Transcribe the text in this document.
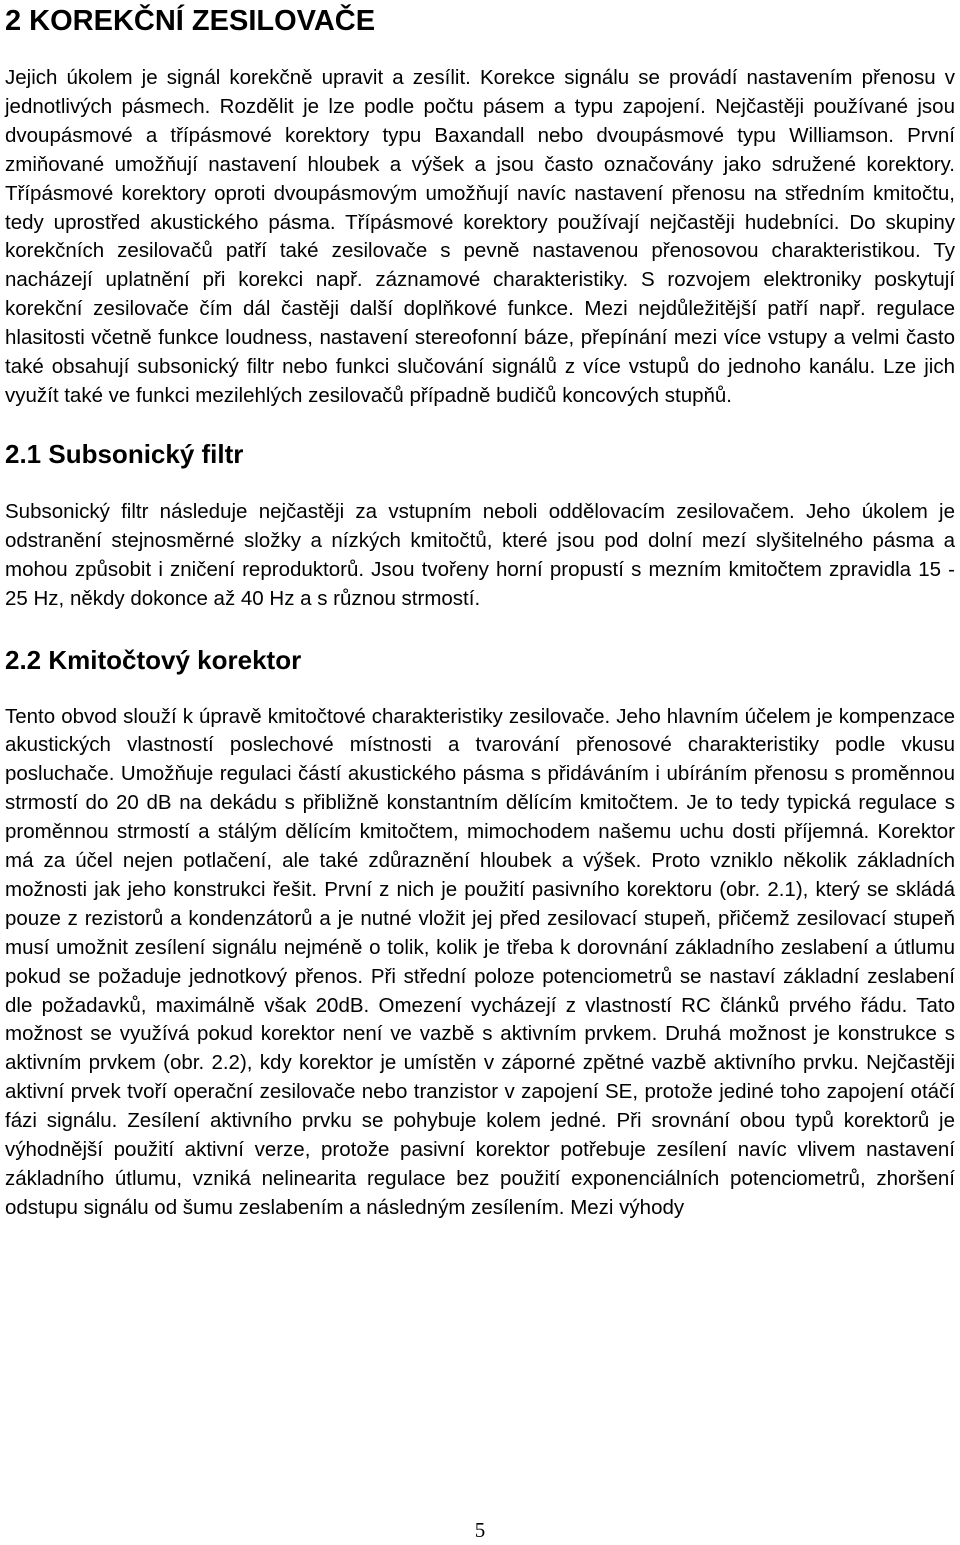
2 KOREKČNÍ ZESILOVAČE

Jejich úkolem je signál korekčně upravit a zesílit. Korekce signálu se provádí nastavením přenosu v jednotlivých pásmech. Rozdělit je lze podle počtu pásem a typu zapojení. Nejčastěji používané jsou dvoupásmové a třípásmové korektory typu Baxandall nebo dvoupásmové typu Williamson. První zmiňované umožňují nastavení hloubek a výšek a jsou často označovány jako sdružené korektory. Třípásmové korektory oproti dvoupásmovým umožňují navíc nastavení přenosu na středním kmitočtu, tedy uprostřed akustického pásma. Třípásmové korektory používají nejčastěji hudebníci. Do skupiny korekčních zesilovačů patří také zesilovače s pevně nastavenou přenosovou charakteristikou. Ty nacházejí uplatnění při korekci např. záznamové charakteristiky. S rozvojem elektroniky poskytují korekční zesilovače čím dál častěji další doplňkové funkce. Mezi nejdůležitější patří např. regulace hlasitosti včetně funkce loudness, nastavení stereofonní báze, přepínání mezi více vstupy a velmi často také obsahují subsonický filtr nebo funkci slučování signálů z více vstupů do jednoho kanálu. Lze jich využít také ve funkci mezilehlých zesilovačů případně budičů koncových stupňů.

2.1 Subsonický filtr

Subsonický filtr následuje nejčastěji za vstupním neboli oddělovacím zesilovačem. Jeho úkolem je odstranění stejnosměrné složky a nízkých kmitočtů, které jsou pod dolní mezí slyšitelného pásma a mohou způsobit i zničení reproduktorů. Jsou tvořeny horní propustí s mezním kmitočtem zpravidla 15 - 25 Hz, někdy dokonce až 40 Hz a s různou strmostí.

2.2 Kmitočtový korektor

Tento obvod slouží k úpravě kmitočtové charakteristiky zesilovače. Jeho hlavním účelem je kompenzace akustických vlastností poslechové místnosti a tvarování přenosové charakteristiky podle vkusu posluchače. Umožňuje regulaci částí akustického pásma s přidáváním i ubíráním přenosu s proměnnou strmostí do 20 dB na dekádu s přibližně konstantním dělícím kmitočtem. Je to tedy typická regulace s proměnnou strmostí a stálým dělícím kmitočtem, mimochodem našemu uchu dosti příjemná. Korektor má za účel nejen potlačení, ale také zdůraznění hloubek a výšek. Proto vzniklo několik základních možnosti jak jeho konstrukci řešit. První z nich je použití pasivního korektoru (obr. 2.1), který se skládá pouze z rezistorů a kondenzátorů a je nutné vložit jej před zesilovací stupeň, přičemž zesilovací stupeň musí umožnit zesílení signálu nejméně o tolik, kolik je třeba k dorovnání základního zeslabení a útlumu pokud se požaduje jednotkový přenos. Při střední poloze potenciometrů se nastaví základní zeslabení dle požadavků, maximálně však 20dB. Omezení vycházejí z vlastností RC článků prvého řádu. Tato možnost se využívá pokud korektor není ve vazbě s aktivním prvkem. Druhá možnost je konstrukce s aktivním prvkem (obr. 2.2), kdy korektor je umístěn v záporné zpětné vazbě aktivního prvku. Nejčastěji aktivní prvek tvoří operační zesilovače nebo tranzistor v zapojení SE, protože jediné toho zapojení otáčí fázi signálu. Zesílení aktivního prvku se pohybuje kolem jedné. Při srovnání obou typů korektorů je výhodnější použití aktivní verze, protože pasivní korektor potřebuje zesílení navíc vlivem nastavení základního útlumu, vzniká nelinearita regulace bez použití exponenciálních potenciometrů, zhoršení odstupu signálu od šumu zeslabením a následným zesílením. Mezi výhody

5
